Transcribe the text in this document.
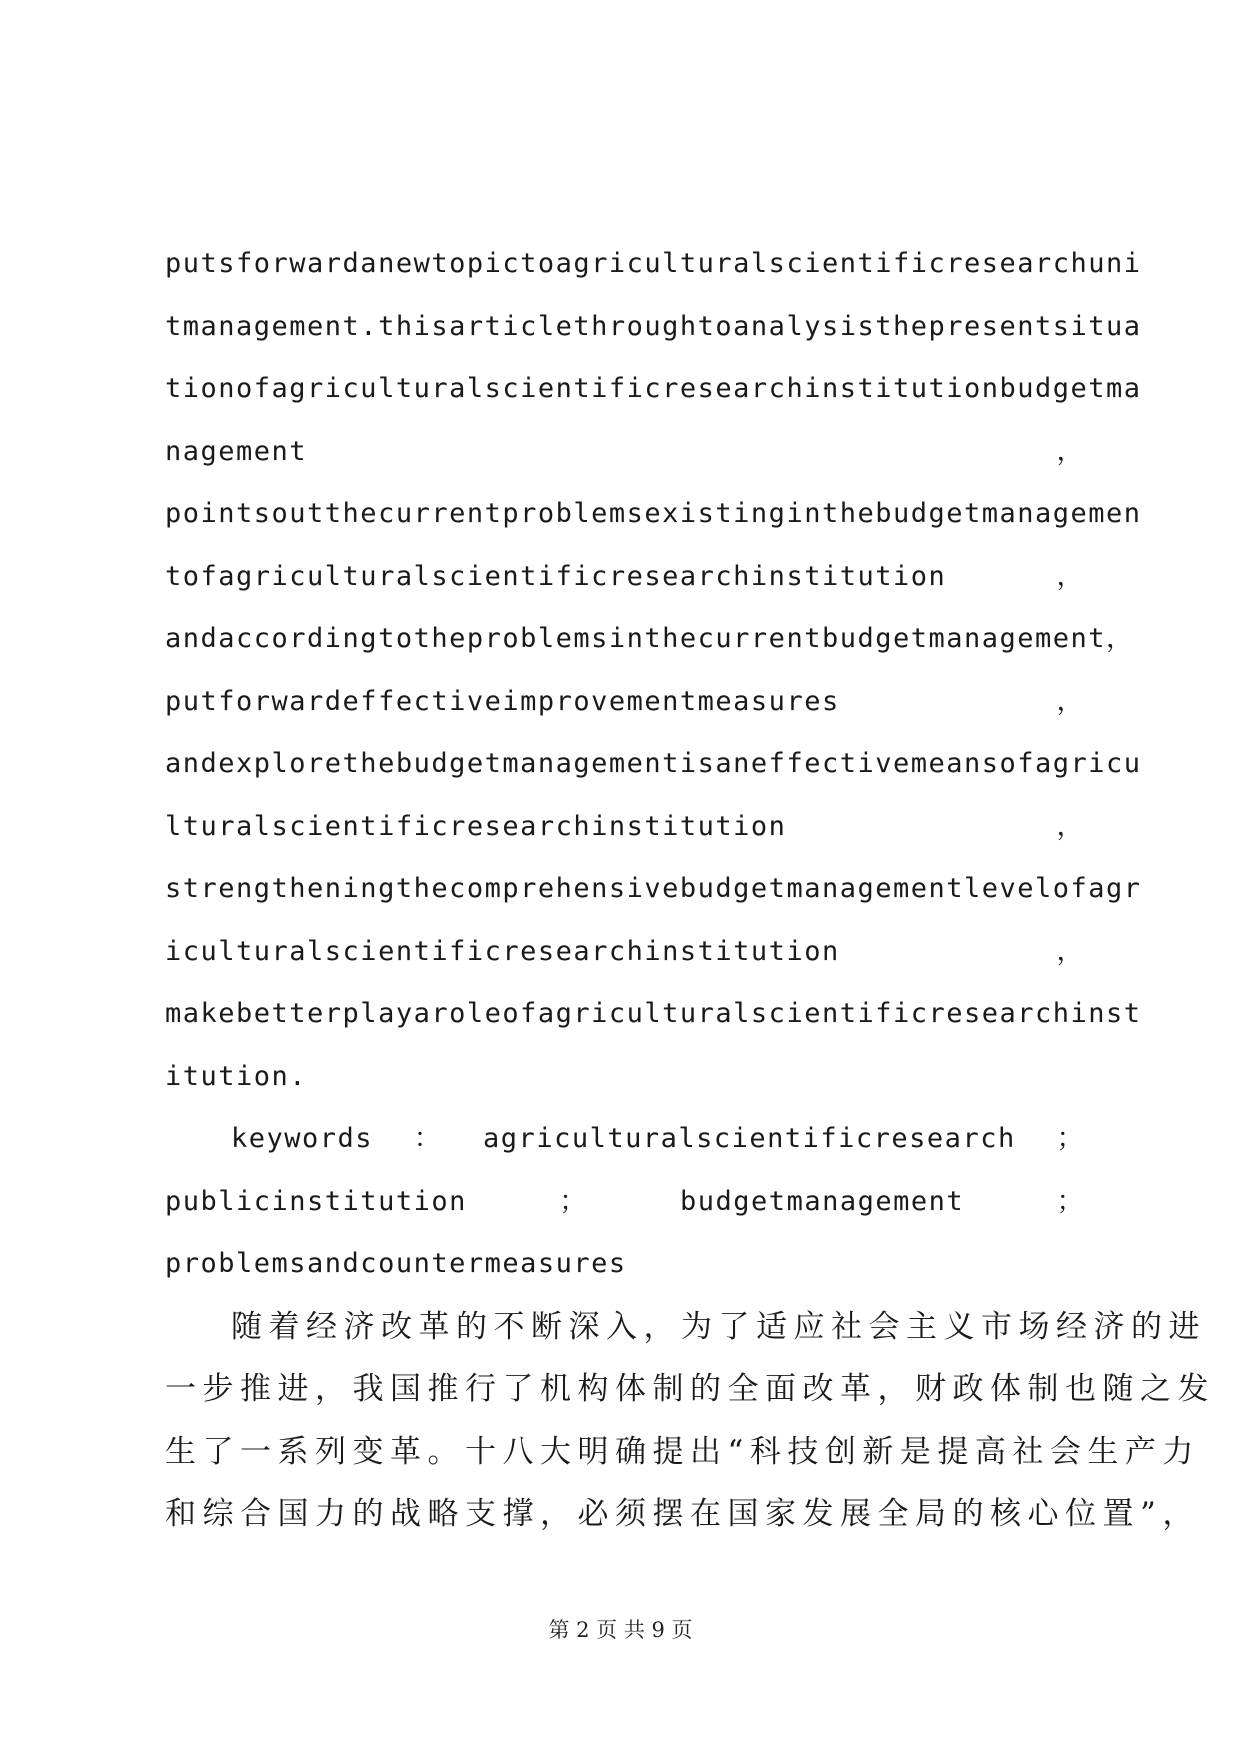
putsforwardanewtopictoagriculturalscientificresearchuni
tmanagement.thisarticlethroughtoanalysisthepresentsitua
tionofagriculturalscientificresearchinstitutionbudgetma
nagement	，
pointsoutthecurrentproblemsexistinginthebudgetmanagemen
tofagriculturalscientificresearchinstitution	，
andaccordingtotheproblemsinthecurrentbudgetmanagement，
putforwardeffectiveimprovementmeasures	，
andexplorethebudgetmanagementisaneffectivemeansofagricu
lturalscientificresearchinstitution	，
strengtheningthecomprehensivebudgetmanagementlevelofagr
iculturalscientificresearchinstitution	，
makebetterplayaroleofagriculturalscientificresearchinst
itution.
keywords ： agriculturalscientificresearch ；
publicinstitution	；	budgetmanagement	；
problemsandcountermeasures
随着经济改革的不断深入，为了适应社会主义市场经济的进
一步推进，我国推行了机构体制的全面改革，财政体制也随之发
生了一系列变革。十八大明确提出“科技创新是提高社会生产力
和综合国力的战略支撑，必须摆在国家发展全局的核心位置”，
第 2 页 共 9 页
